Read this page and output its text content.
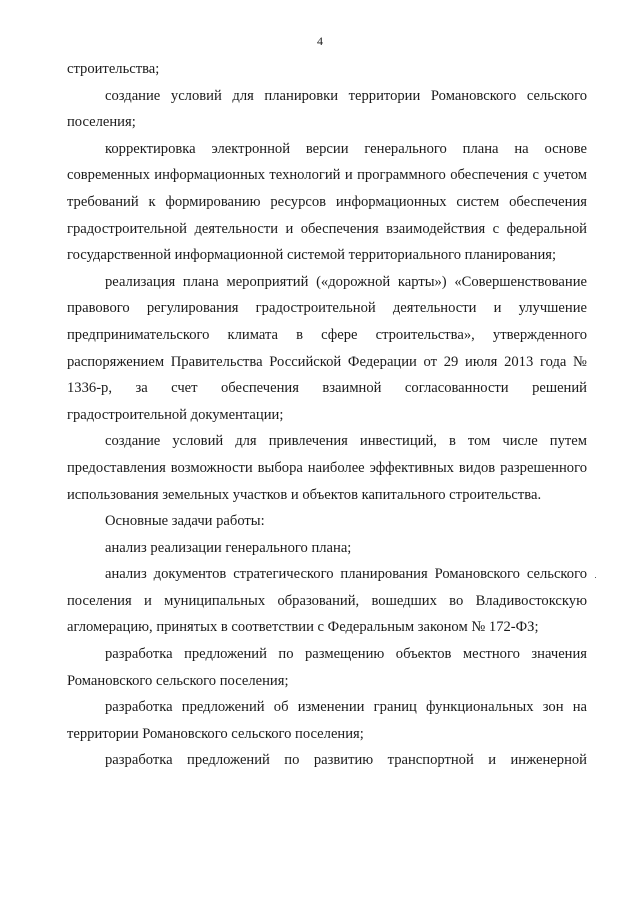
4

строительства;

создание условий для планировки территории Романовского сельского поселения;

корректировка электронной версии генерального плана на основе современных информационных технологий и программного обеспечения с учетом требований к формированию ресурсов информационных систем обеспечения градостроительной деятельности и обеспечения взаимодействия с федеральной государственной информационной системой территориального планирования;

реализация плана мероприятий («дорожной карты») «Совершенствование правового регулирования градостроительной деятельности и улучшение предпринимательского климата в сфере строительства», утвержденного распоряжением Правительства Российской Федерации от 29 июля 2013 года № 1336-р, за счет обеспечения взаимной согласованности решений градостроительной документации;

создание условий для привлечения инвестиций, в том числе путем предоставления возможности выбора наиболее эффективных видов разрешенного использования земельных участков и объектов капитального строительства.

Основные задачи работы:

анализ реализации генерального плана;

анализ документов стратегического планирования Романовского сельского поселения и муниципальных образований, вошедших во Владивостокскую агломерацию, принятых в соответствии с Федеральным законом № 172-ФЗ;

разработка предложений по размещению объектов местного значения Романовского сельского поселения;

разработка предложений об изменении границ функциональных зон на территории Романовского сельского поселения;

разработка предложений по развитию транспортной и инженерной
